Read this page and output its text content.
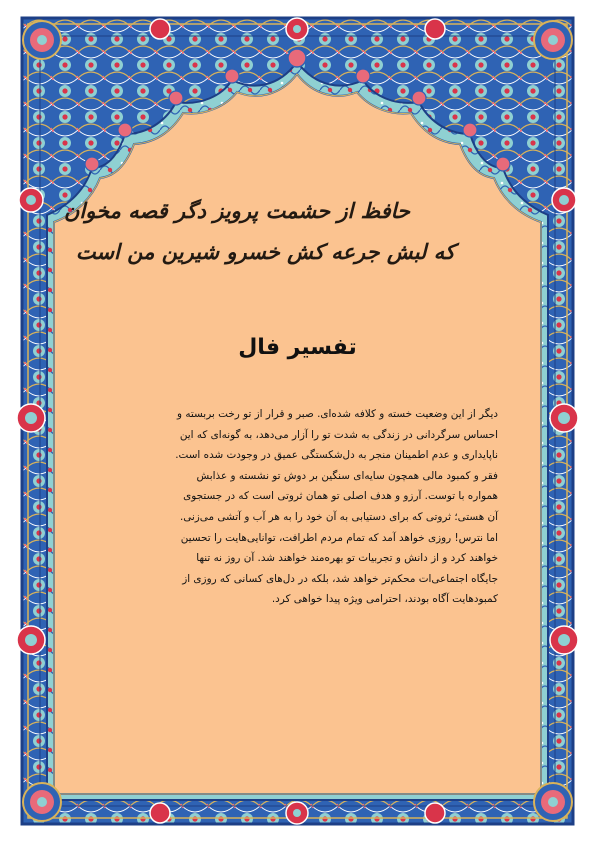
حافظ از حشمت پرویز دگر قصه مخوان
که لبش جرعه کش خسرو شیرین من است
تفسیر فال
دیگر از این وضعیت خسته و کلافه شده‌ای. صبر و قرار از تو رخت بربسته و
احساس سرگردانی در زندگی به شدت تو را آزار می‌دهد، به گونه‌ای که این
ناپایداری و عدم اطمینان منجر به دل‌شکستگی عمیق در وجودت شده است.
فقر و کمبود مالی همچون سایه‌ای سنگین بر دوش تو نشسته و عذابش
همواره با توست. آرزو و هدف اصلی تو همان ثروتی است که در جستجوی
آن هستی؛ ثروتی که برای دستیابی به آن خود را به هر آب و آتشی می‌زنی.
اما نترس! روزی خواهد آمد که تمام مردم اطرافت، توانایی‌هایت را تحسین
خواهند کرد و از دانش و تجربیات تو بهره‌مند خواهند شد. آن روز نه تنها
جایگاه اجتماعی‌ات محکم‌تر خواهد شد، بلکه در دل‌های کسانی که روزی از
کمبودهایت آگاه بودند، احترامی ویژه پیدا خواهی کرد.
